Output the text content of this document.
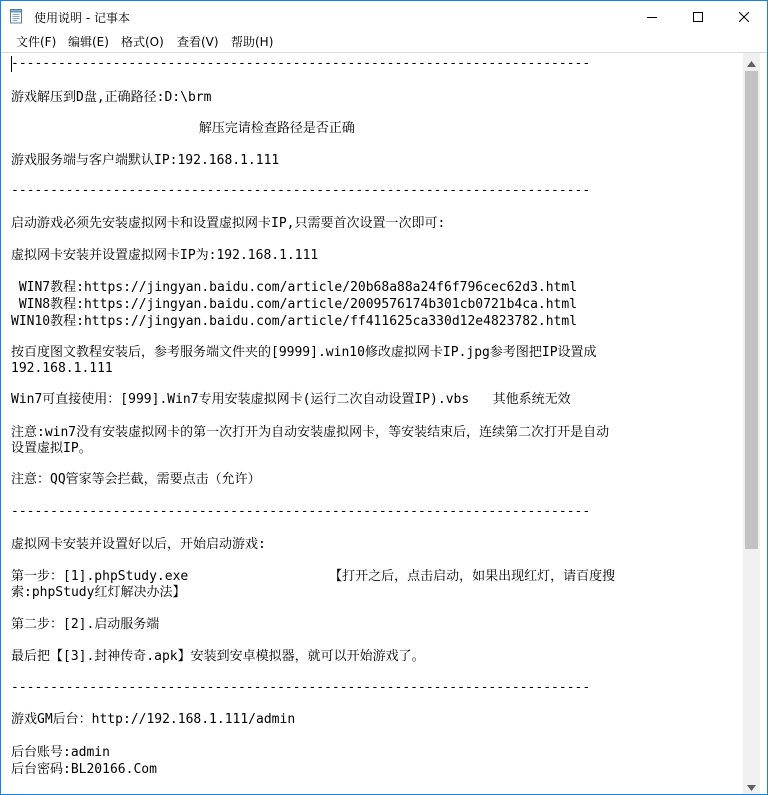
使用说明 - 记事本
文件(F) 编辑(E) 格式(O) 查看(V) 帮助(H)
--------------------------------------------------------------------------
游戏解压到D盘,正确路径:D:\brm
解压完请检查路径是否正确
游戏服务端与客户端默认IP:192.168.1.111
--------------------------------------------------------------------------
启动游戏必须先安装虚拟网卡和设置虚拟网卡IP,只需要首次设置一次即可:
虚拟网卡安装并设置虚拟网卡IP为:192.168.1.111
WIN7教程:https://jingyan.baidu.com/article/20b68a88a24f6f796cec62d3.html
WIN8教程:https://jingyan.baidu.com/article/2009576174b301cb0721b4ca.html
WIN10教程:https://jingyan.baidu.com/article/ff411625ca330d12e4823782.html
按百度图文教程安装后，参考服务端文件夹的[9999].win10修改虚拟网卡IP.jpg参考图把IP设置成
192.168.1.111
Win7可直接使用：[999].Win7专用安装虚拟网卡(运行二次自动设置IP).vbs   其他系统无效
注意:win7没有安装虚拟网卡的第一次打开为自动安装虚拟网卡，等安装结束后，连续第二次打开是自动
设置虚拟IP。
注意：QQ管家等会拦截，需要点击（允许）
--------------------------------------------------------------------------
虚拟网卡安装并设置好以后，开始启动游戏:
第一步：[1].phpStudy.exe                  【打开之后，点击启动，如果出现红灯，请百度搜
索:phpStudy红灯解决办法】
第二步：[2].启动服务端
最后把【[3].封神传奇.apk】安装到安卓模拟器，就可以开始游戏了。
--------------------------------------------------------------------------
游戏GM后台：http://192.168.1.111/admin
后台账号:admin
后台密码:BL20166.Com
